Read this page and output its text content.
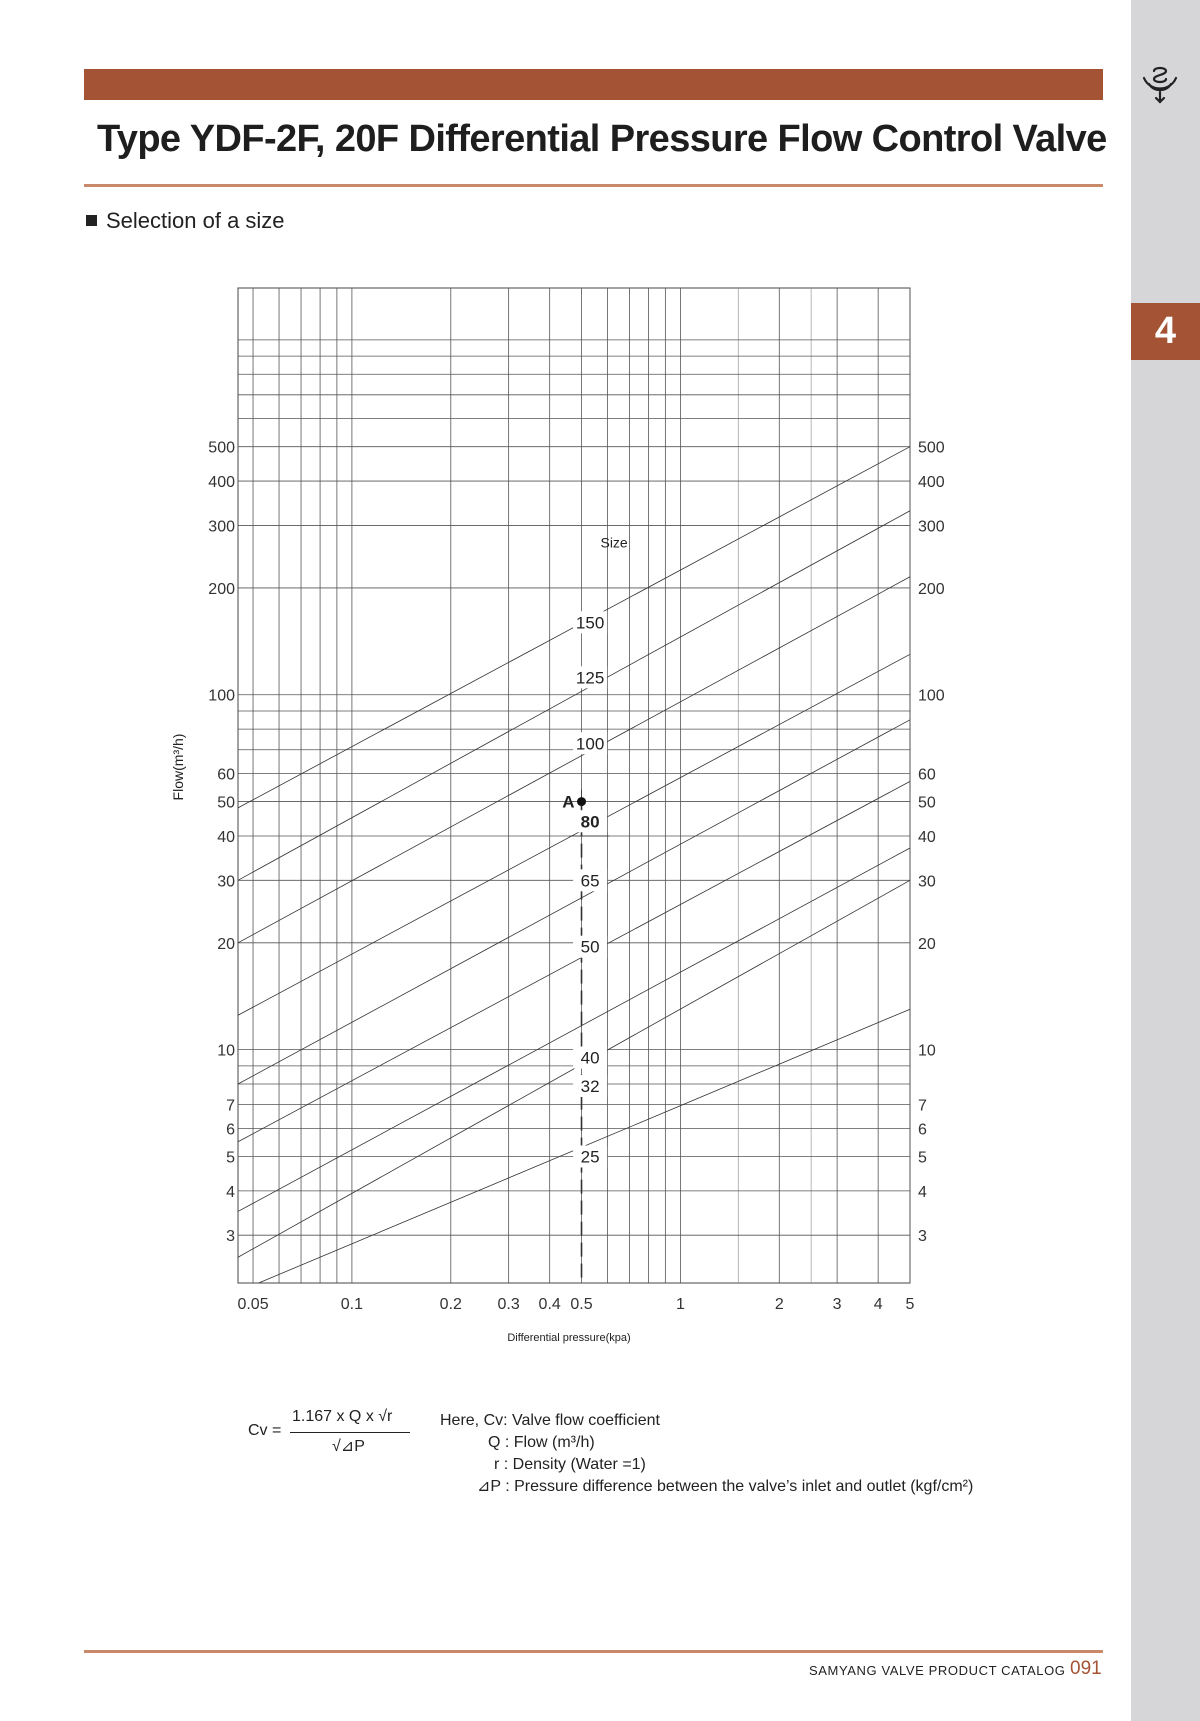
4
Type YDF-2F, 20F Differential Pressure Flow Control Valve
Selection of a size
0.05	0.1	0.2 0.3 0.4 0.5	1	2	3 4 5
3	3
4	4
5	5
6	6
7	7
10	10
20	20
30	30
40	40
50	50
60	60
100	100
200	200
300	300
400	400
500	500
Size
150
125
100
80
65
50
40
32
25
A
Flow(m³/h)
Differential pressure(kpa)
Cv =
1.167 x Q x √r
√⊿P
Here, Cv: Valve flow coefficient
Q : Flow (m³/h)
r : Density (Water =1)
⊿P : Pressure difference between the valve’s inlet and outlet (kgf/cm²)
SAMYANG VALVE PRODUCT CATALOG 091
